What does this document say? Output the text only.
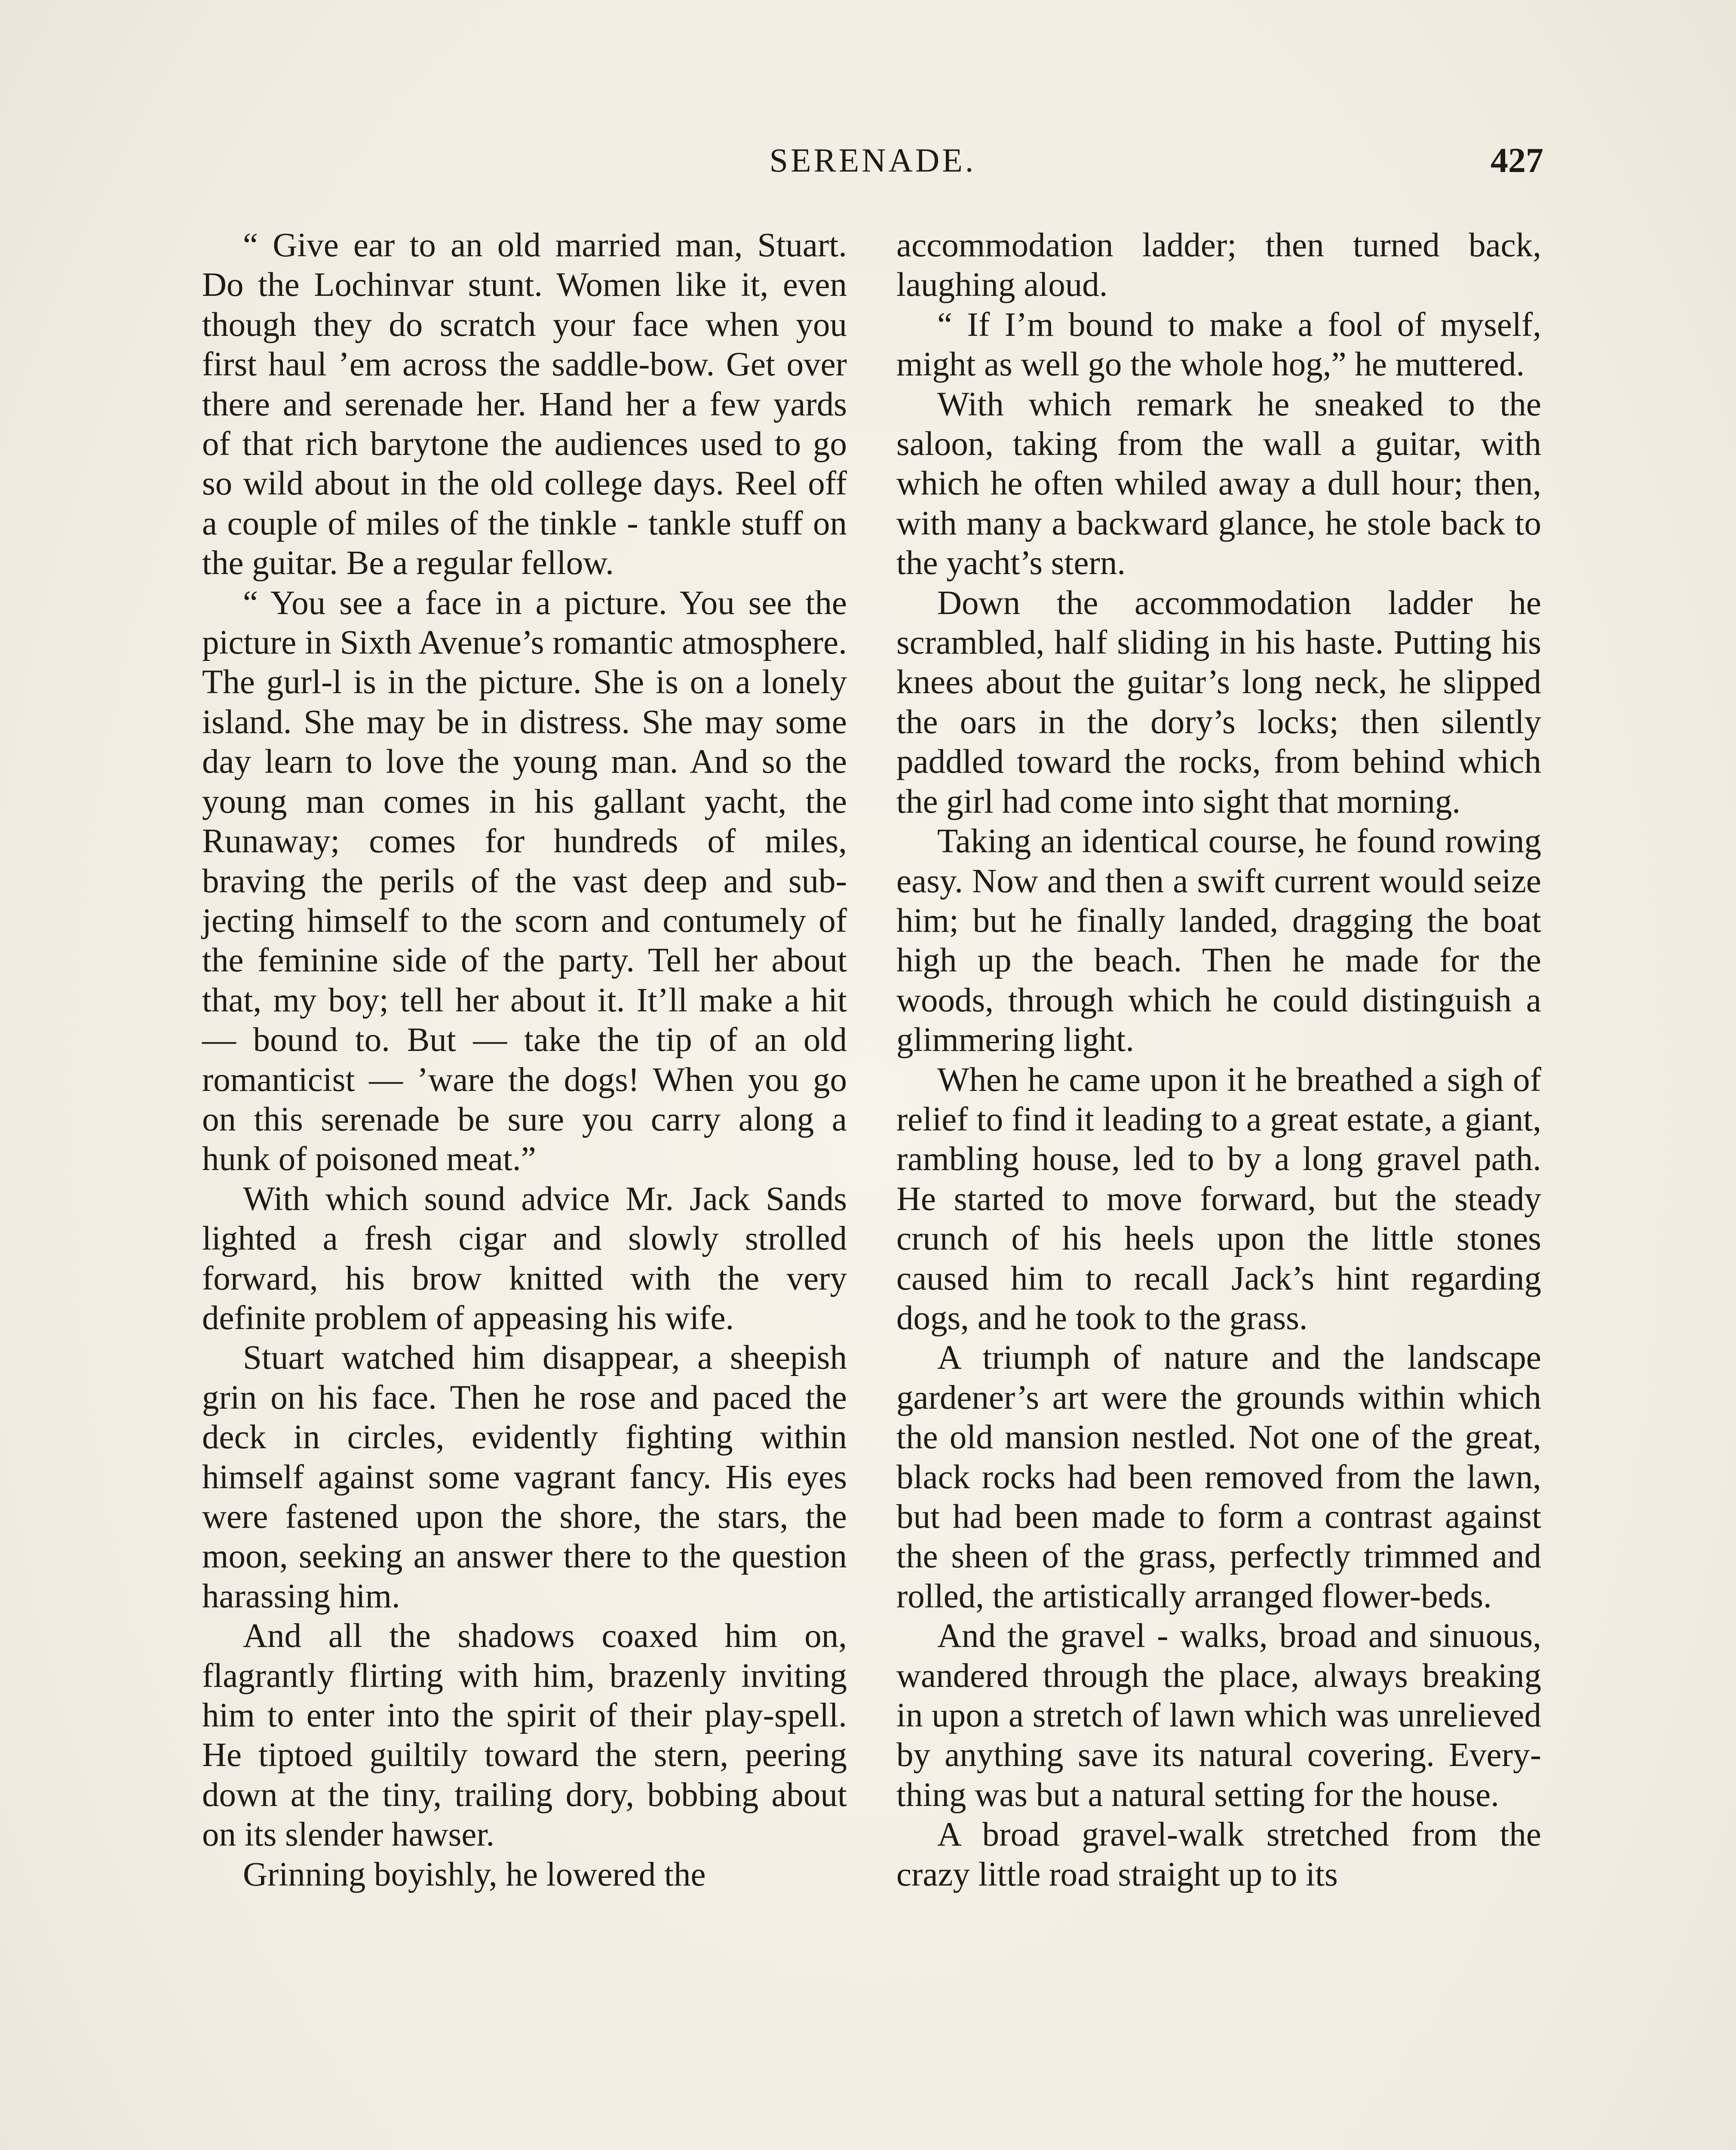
SERENADE.	427

“ Give ear to an old married man, Stuart. Do the Lochinvar stunt. Women like it, even though they do scratch your face when you first haul ’em across the saddle-bow. Get over there and serenade her. Hand her a few yards of that rich barytone the audiences used to go so wild about in the old college days. Reel off a couple of miles of the tinkle - tankle stuff on the guitar. Be a regular fellow.

“ You see a face in a picture. You see the picture in Sixth Avenue’s romantic atmosphere. The gurl-l is in the picture. She is on a lonely island. She may be in distress. She may some day learn to love the young man. And so the young man comes in his gallant yacht, the Runaway; comes for hundreds of miles, braving the perils of the vast deep and subjecting himself to the scorn and contumely of the feminine side of the party. Tell her about that, my boy; tell her about it. It’ll make a hit — bound to. But — take the tip of an old romanticist — ’ware the dogs! When you go on this serenade be sure you carry along a hunk of poisoned meat.”

With which sound advice Mr. Jack Sands lighted a fresh cigar and slowly strolled forward, his brow knitted with the very definite problem of appeasing his wife.

Stuart watched him disappear, a sheepish grin on his face. Then he rose and paced the deck in circles, evidently fighting within himself against some vagrant fancy. His eyes were fastened upon the shore, the stars, the moon, seeking an answer there to the question harassing him.

And all the shadows coaxed him on, flagrantly flirting with him, brazenly inviting him to enter into the spirit of their play-spell. He tiptoed guiltily toward the stern, peering down at the tiny, trailing dory, bobbing about on its slender hawser.

Grinning boyishly, he lowered the

accommodation ladder; then turned back, laughing aloud.

“ If I’m bound to make a fool of myself, might as well go the whole hog,” he muttered.

With which remark he sneaked to the saloon, taking from the wall a guitar, with which he often whiled away a dull hour; then, with many a backward glance, he stole back to the yacht’s stern.

Down the accommodation ladder he scrambled, half sliding in his haste. Putting his knees about the guitar’s long neck, he slipped the oars in the dory’s locks; then silently paddled toward the rocks, from behind which the girl had come into sight that morning.

Taking an identical course, he found rowing easy. Now and then a swift current would seize him; but he finally landed, dragging the boat high up the beach. Then he made for the woods, through which he could distinguish a glimmering light.

When he came upon it he breathed a sigh of relief to find it leading to a great estate, a giant, rambling house, led to by a long gravel path. He started to move forward, but the steady crunch of his heels upon the little stones caused him to recall Jack’s hint regarding dogs, and he took to the grass.

A triumph of nature and the landscape gardener’s art were the grounds within which the old mansion nestled. Not one of the great, black rocks had been removed from the lawn, but had been made to form a contrast against the sheen of the grass, perfectly trimmed and rolled, the artistically arranged flower-beds.

And the gravel - walks, broad and sinuous, wandered through the place, always breaking in upon a stretch of lawn which was unrelieved by anything save its natural covering. Everything was but a natural setting for the house.

A broad gravel-walk stretched from the crazy little road straight up to its
